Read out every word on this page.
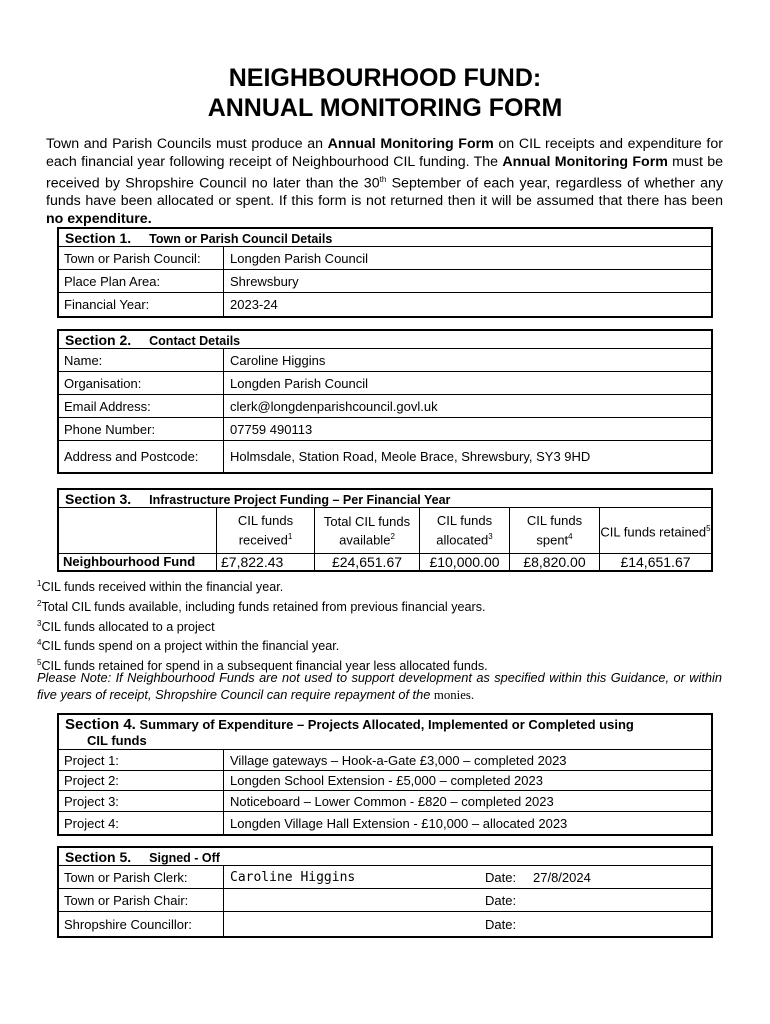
NEIGHBOURHOOD FUND:
ANNUAL MONITORING FORM
Town and Parish Councils must produce an Annual Monitoring Form on CIL receipts and expenditure for each financial year following receipt of Neighbourhood CIL funding. The Annual Monitoring Form must be received by Shropshire Council no later than the 30th September of each year, regardless of whether any funds have been allocated or spent. If this form is not returned then it will be assumed that there has been no expenditure.
Section 1. Town or Parish Council Details
Town or Parish Council:	Longden Parish Council
Place Plan Area:	Shrewsbury
Financial Year:	2023-24
Section 2. Contact Details
Name:	Caroline Higgins
Organisation:	Longden Parish Council
Email Address:	clerk@longdenparishcouncil.govl.uk
Phone Number:	07759 490113
Address and Postcode:	Holmsdale, Station Road, Meole Brace, Shrewsbury, SY3 9HD
Section 3. Infrastructure Project Funding – Per Financial Year
	CIL funds received$^1$	Total CIL funds available$^2$	CIL funds allocated$^3$	CIL funds spent$^4$	CIL funds retained$^5$
Neighbourhood Fund	£7,822.43	£24,651.67	£10,000.00	£8,820.00	£14,651.67
$^1$CIL funds received within the financial year.
$^2$Total CIL funds available, including funds retained from previous financial years.
$^3$CIL funds allocated to a project
$^4$CIL funds spend on a project within the financial year.
$^5$CIL funds retained for spend in a subsequent financial year less allocated funds.
Please Note: If Neighbourhood Funds are not used to support development as specified within this Guidance, or within five years of receipt, Shropshire Council can require repayment of the monies.
Section 4. Summary of Expenditure – Projects Allocated, Implemented or Completed using
CIL funds
Project 1:	Village gateways – Hook-a-Gate £3,000 – completed 2023
Project 2:	Longden School Extension - £5,000 – completed 2023
Project 3:	Noticeboard – Lower Common - £820 – completed 2023
Project 4:	Longden Village Hall Extension - £10,000 – allocated 2023
Section 5. Signed - Off
Town or Parish Clerk:	Caroline Higgins	Date: 27/8/2024
Town or Parish Chair:	Date:
Shropshire Councillor:	Date:
